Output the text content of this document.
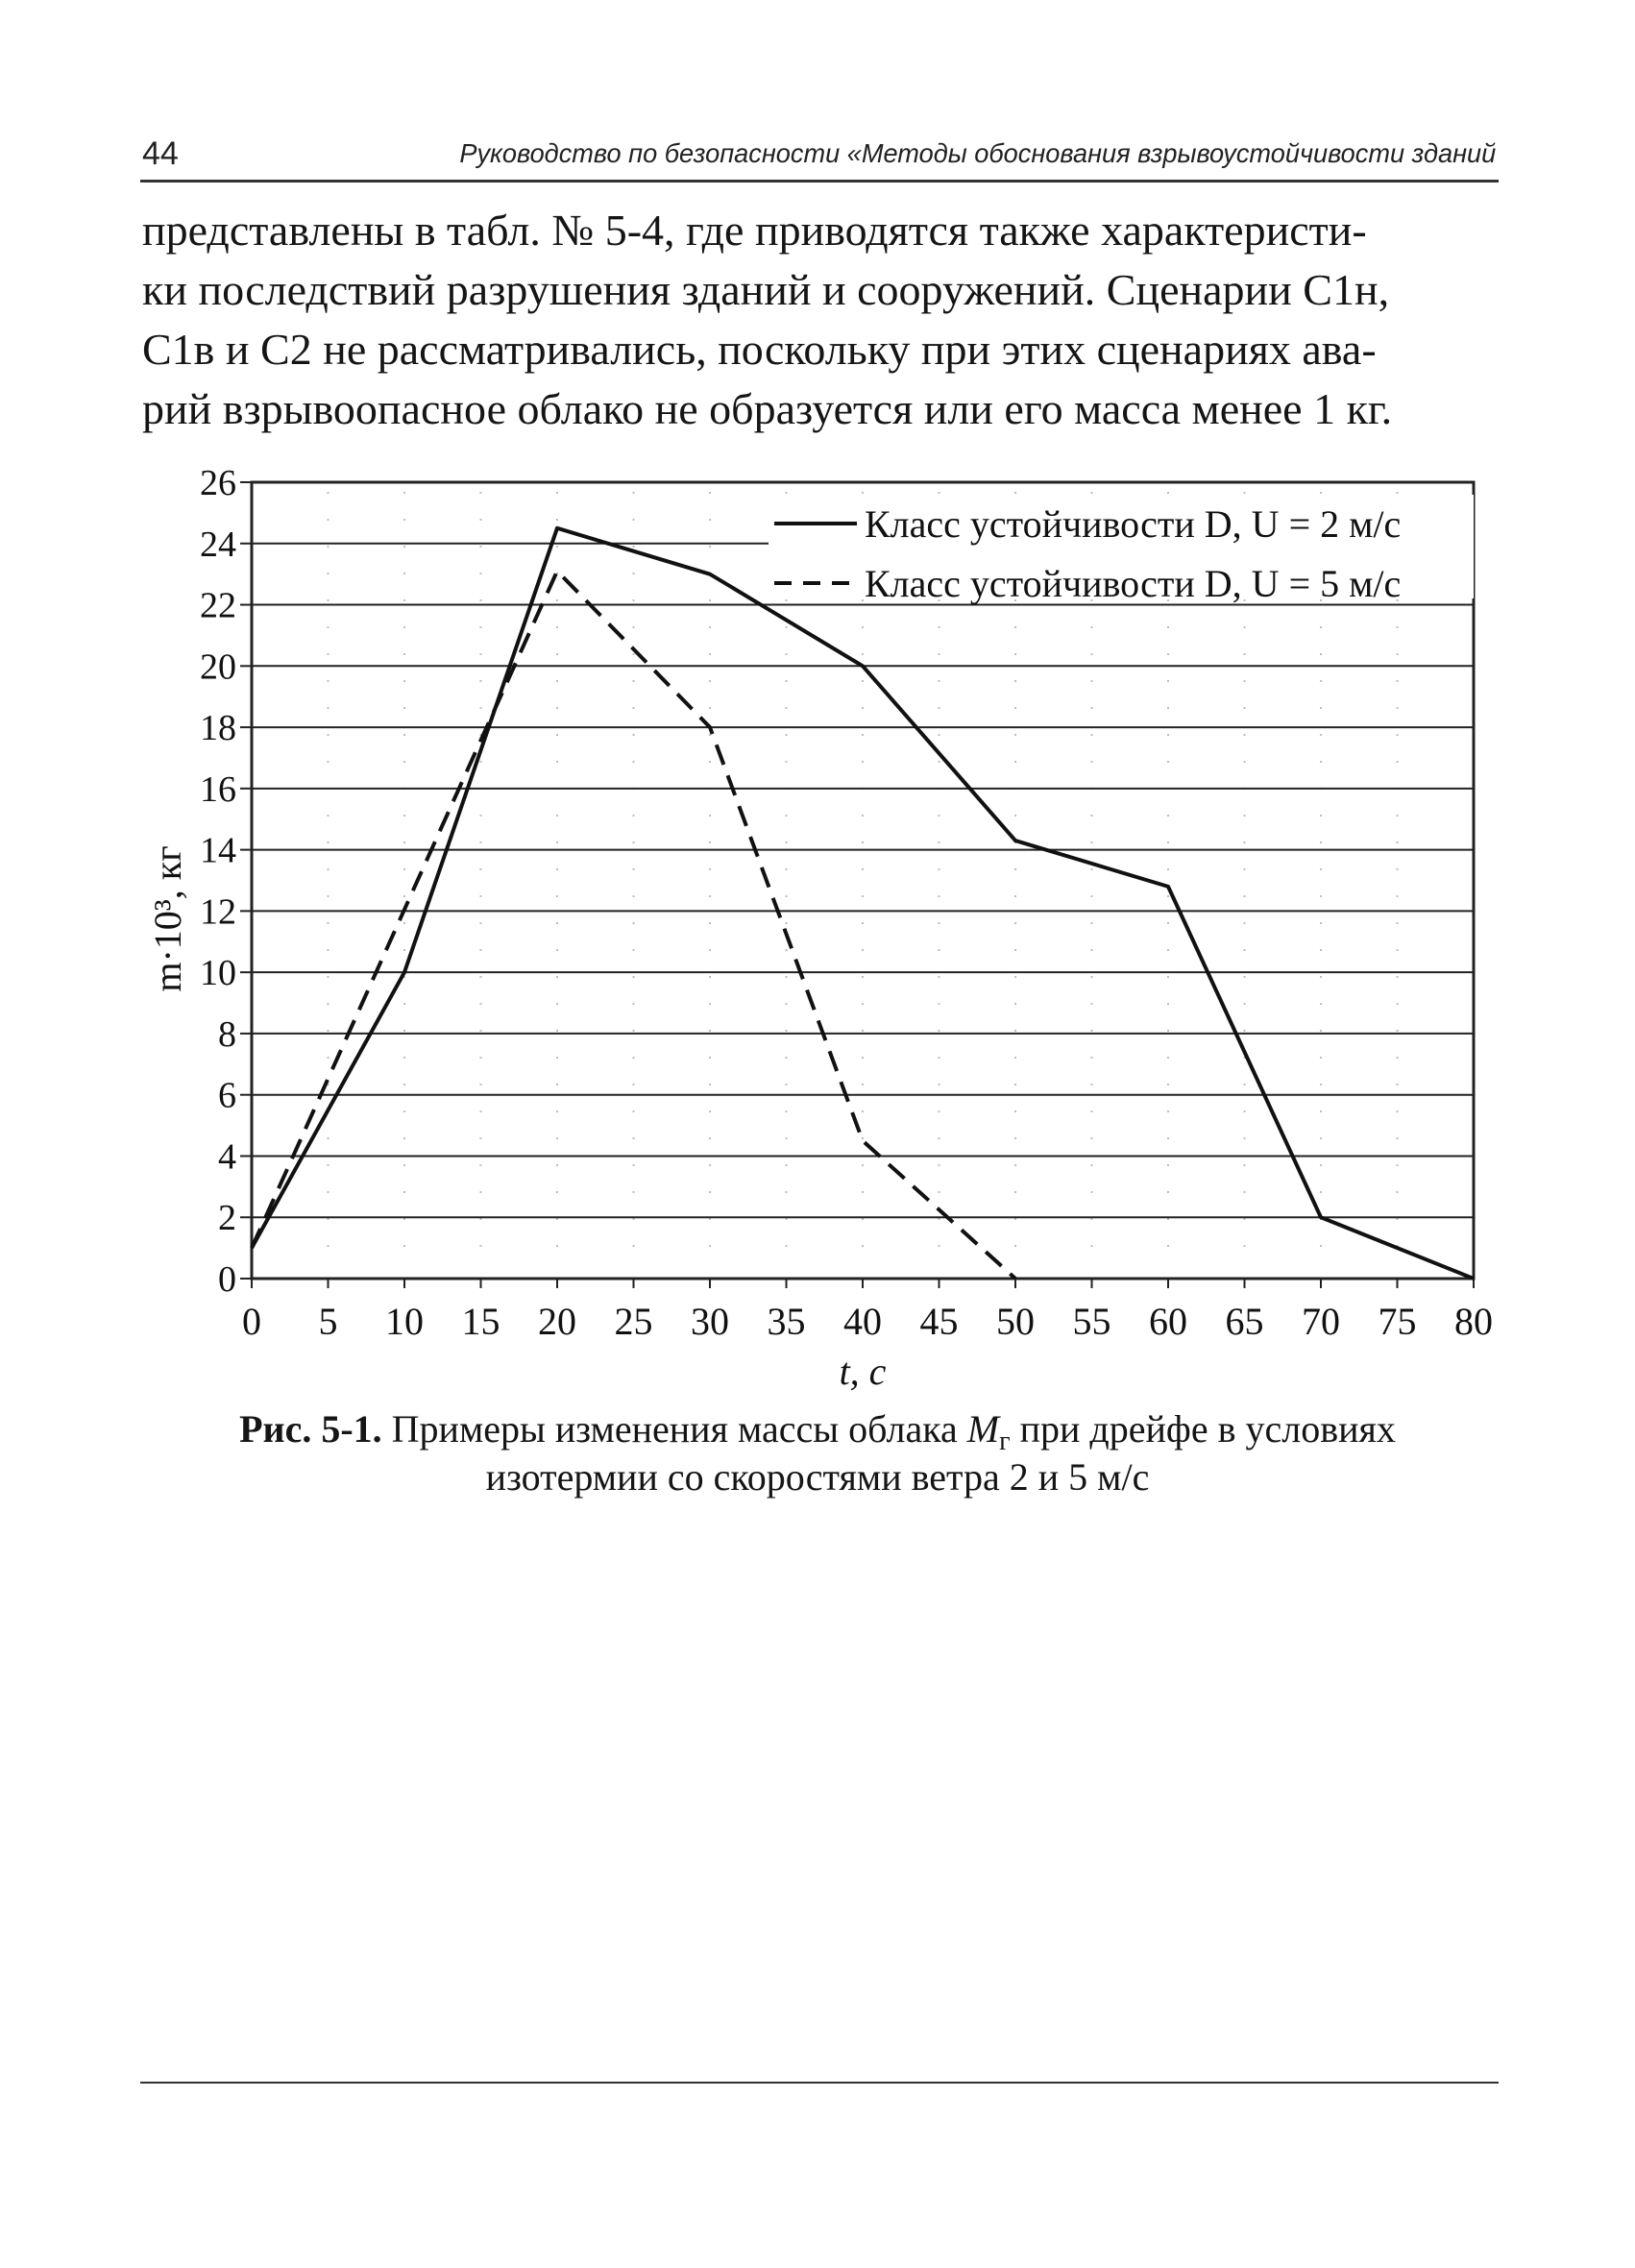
44	Руководство по безопасности «Методы обоснования взрывоустойчивости зданий
представлены в табл. № 5-4, где приводятся также характеристи-
ки последствий разрушения зданий и сооружений. Сценарии С1н,
С1в и С2 не рассматривались, поскольку при этих сценариях ава-
рий взрывоопасное облако не образуется или его масса менее 1 кг.
0
2
4
6
8
10
12
14
16
18
20
22
24
26
0 5 10 15 20 25 30 35 40 45 50 55 60 65 70 75 80
t, с
m·10³, кг
Класс устойчивости D, U = 2 м/с
Класс устойчивости D, U = 5 м/с
Рис. 5-1. Примеры изменения массы облака $M_г$ при дрейфе в условиях
изотермии со скоростями ветра 2 и 5 м/с
